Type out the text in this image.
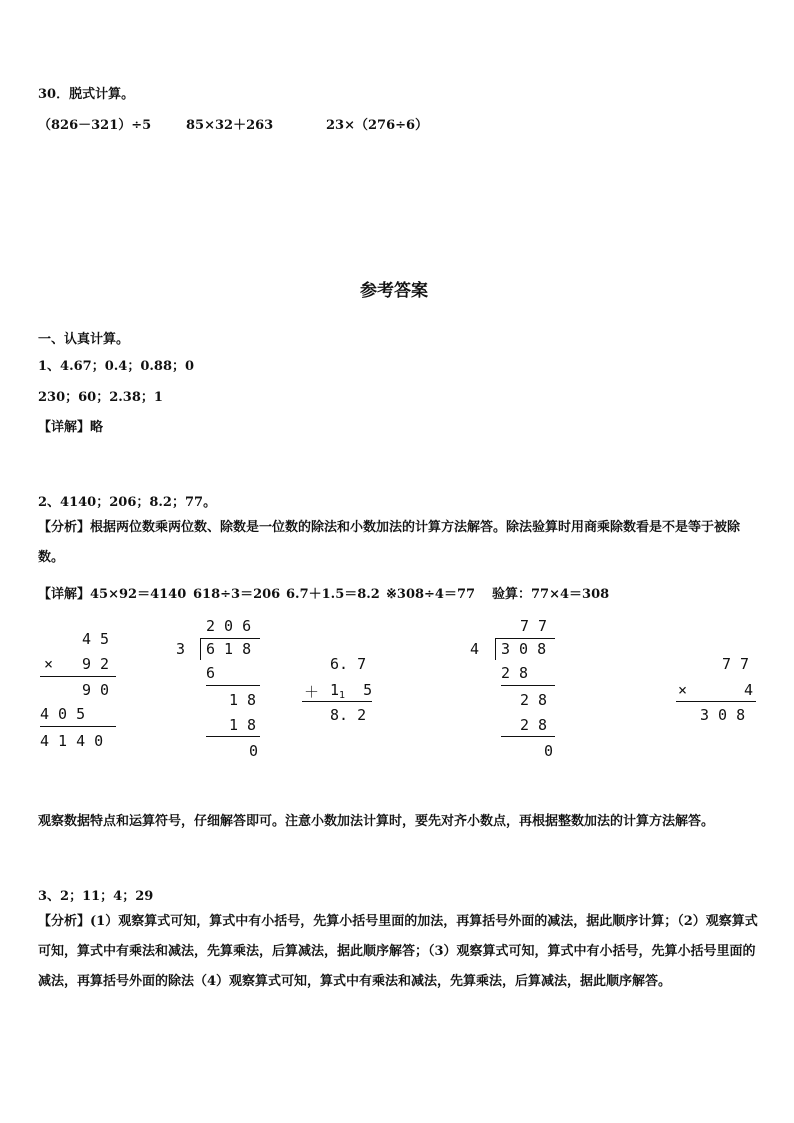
30．脱式计算。
（826－321）÷5	85×32＋263	23×（276÷6）
参考答案
一、认真计算。
1、4.67；0.4；0.88；0
230；60；2.38；1
【详解】略
2、4140；206；8.2；77。
【分析】根据两位数乘两位数、除数是一位数的除法和小数加法的计算方法解答。除法验算时用商乘除数看是不是等于被除数。
【详解】45×92＝4140 618÷3＝206 6.7＋1.5＝8.2 ※308÷4＝77 验算：77×4＝308
4 5
× 9 2
9 0
4 0 5
4 1 4 0
2 0 6
3 6 1 8
6
1 8
1 8
0
6. 7
＋ $1_1$ 5
8. 2
7 7
4 3 0 8
2 8
2 8
2 8
0
7 7
×	4
3 0 8
观察数据特点和运算符号，仔细解答即可。注意小数加法计算时，要先对齐小数点，再根据整数加法的计算方法解答。
3、2；11；4；29
【分析】(1）观察算式可知，算式中有小括号，先算小括号里面的加法，再算括号外面的减法，据此顺序计算；（2）观察算式可知，算式中有乘法和减法，先算乘法，后算减法，据此顺序解答；（3）观察算式可知，算式中有小括号，先算小括号里面的减法，再算括号外面的除法（4）观察算式可知，算式中有乘法和减法，先算乘法，后算减法，据此顺序解答。
